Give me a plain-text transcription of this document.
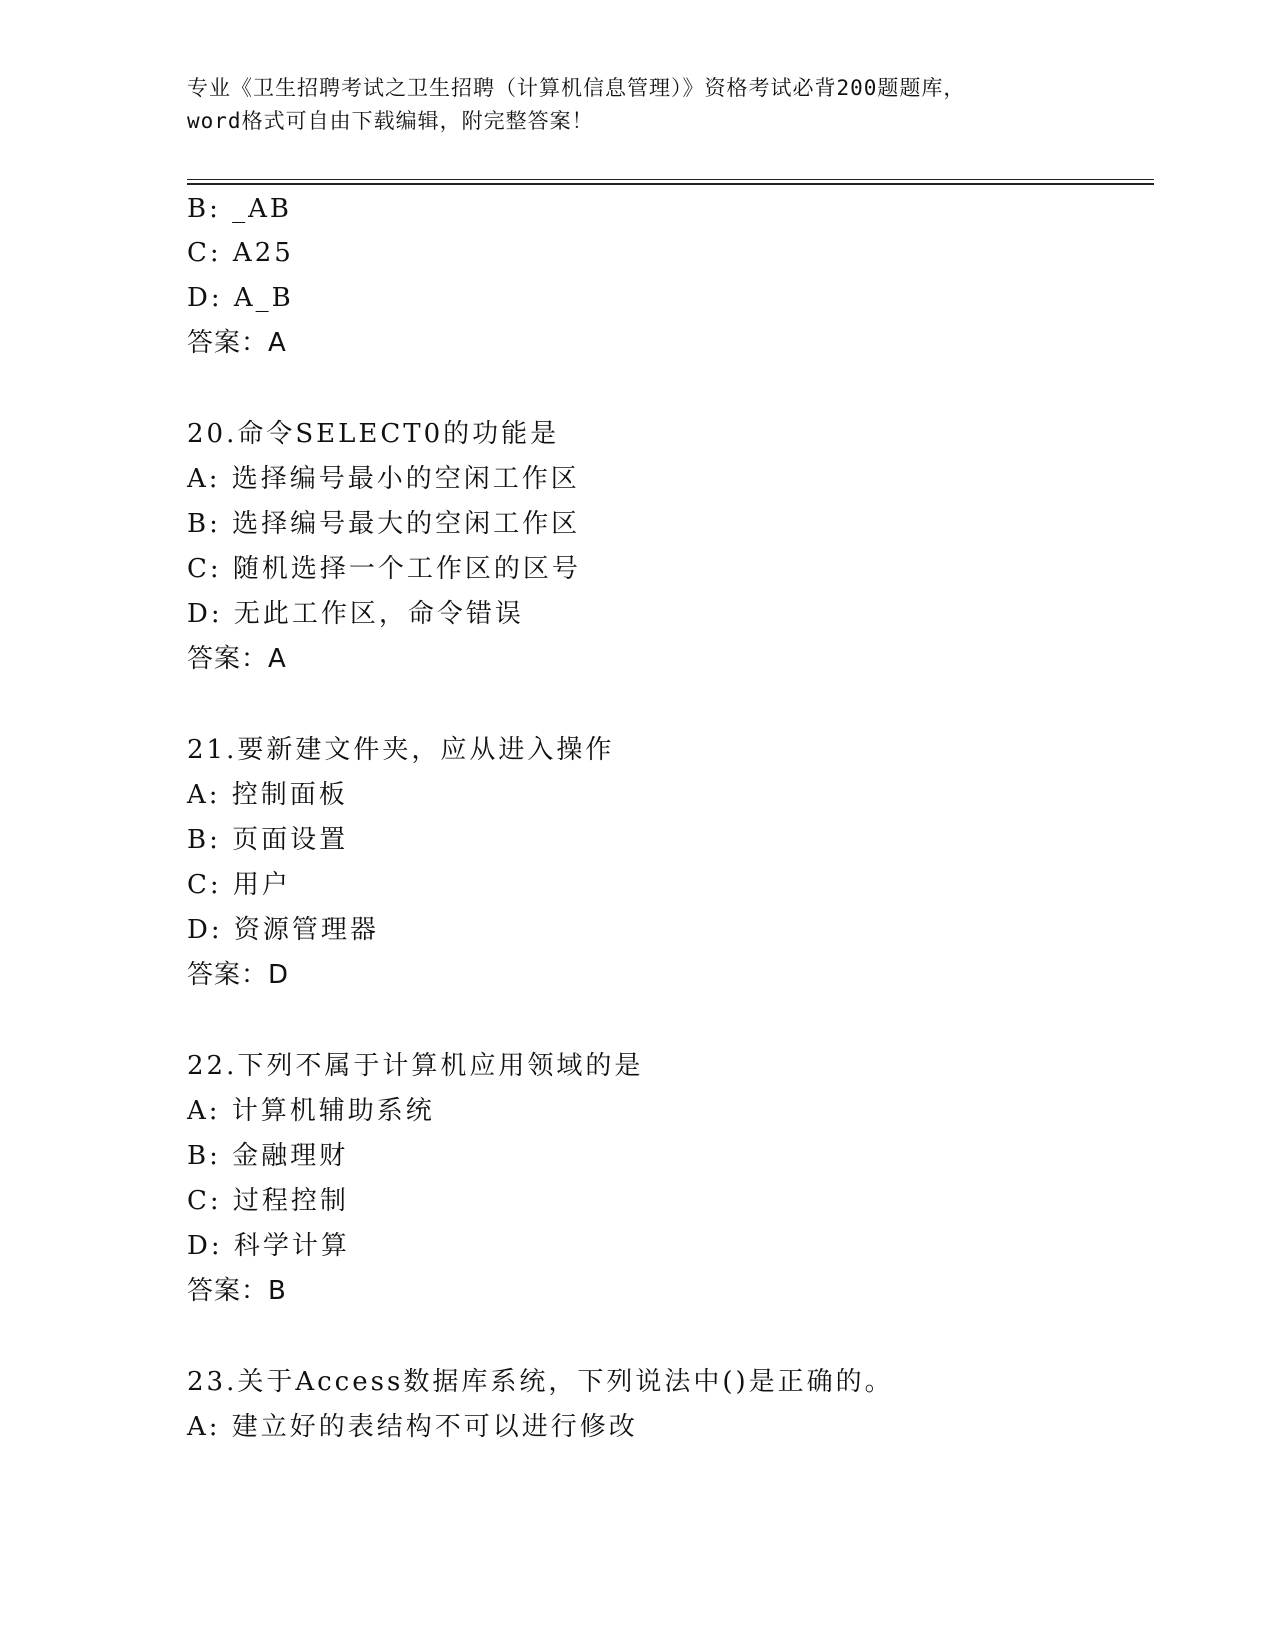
专业《卫生招聘考试之卫生招聘（计算机信息管理）》资格考试必背200题题库，
word格式可自由下载编辑，附完整答案！
B: _AB
C: A25
D: A_B
答案：A
20.命令SELECT0的功能是
A: 选择编号最小的空闲工作区
B: 选择编号最大的空闲工作区
C: 随机选择一个工作区的区号
D: 无此工作区，命令错误
答案：A
21.要新建文件夹，应从进入操作
A: 控制面板
B: 页面设置
C: 用户
D: 资源管理器
答案：D
22.下列不属于计算机应用领域的是
A: 计算机辅助系统
B: 金融理财
C: 过程控制
D: 科学计算
答案：B
23.关于Access数据库系统，下列说法中()是正确的。
A: 建立好的表结构不可以进行修改
